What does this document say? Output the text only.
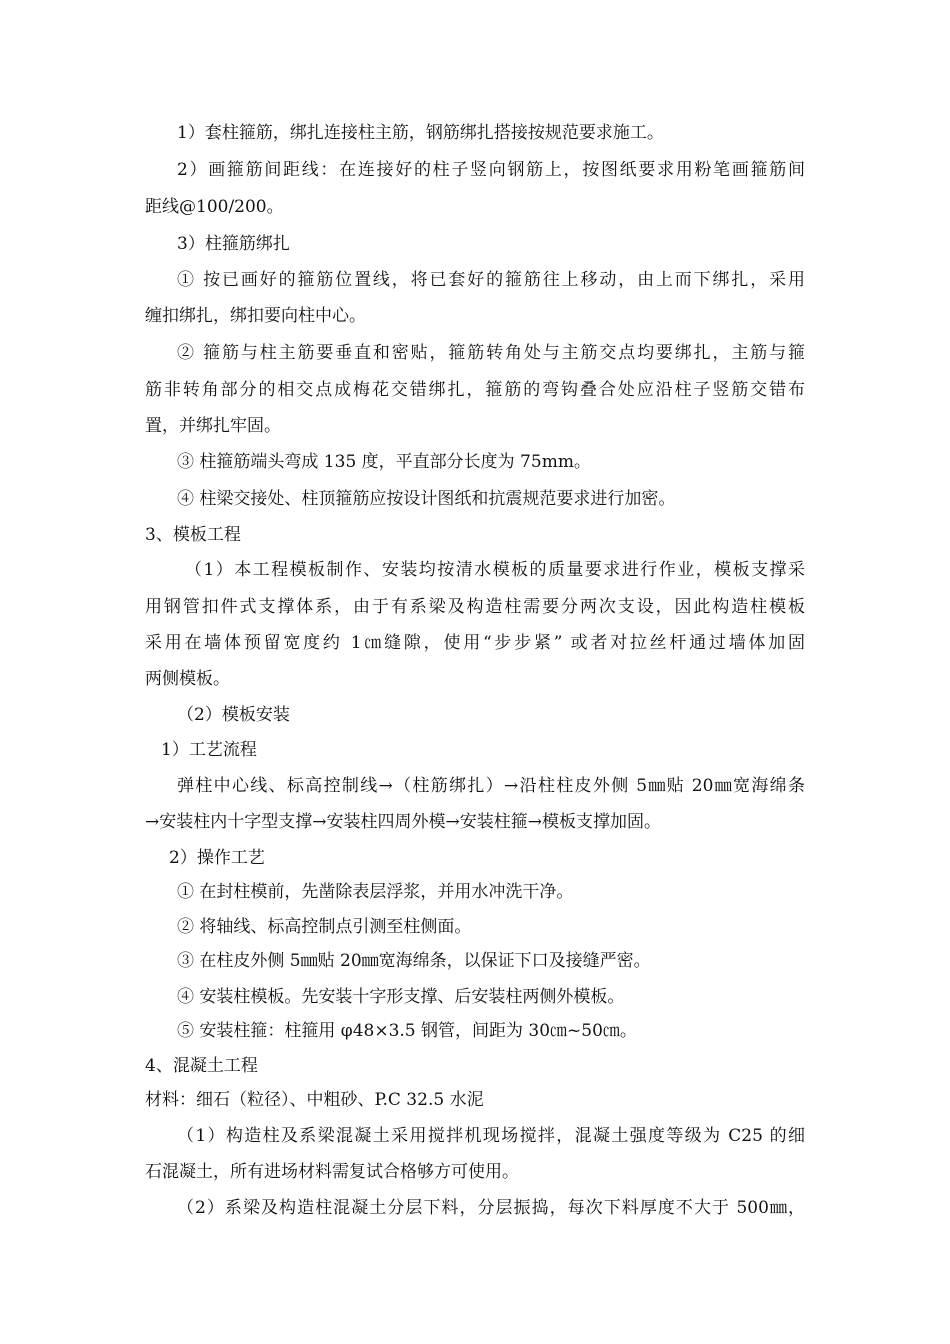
1）套柱箍筋，绑扎连接柱主筋，钢筋绑扎搭接按规范要求施工。
2）画箍筋间距线：在连接好的柱子竖向钢筋上，按图纸要求用粉笔画箍筋间
距线@100/200。
3）柱箍筋绑扎
① 按已画好的箍筋位置线，将已套好的箍筋往上移动，由上而下绑扎，采用
缠扣绑扎，绑扣要向柱中心。
② 箍筋与柱主筋要垂直和密贴，箍筋转角处与主筋交点均要绑扎，主筋与箍
筋非转角部分的相交点成梅花交错绑扎，箍筋的弯钩叠合处应沿柱子竖筋交错布
置，并绑扎牢固。
③ 柱箍筋端头弯成 135 度，平直部分长度为 75mm。
④ 柱梁交接处、柱顶箍筋应按设计图纸和抗震规范要求进行加密。
3、模板工程
（1）本工程模板制作、安装均按清水模板的质量要求进行作业，模板支撑采
用钢管扣件式支撑体系，由于有系梁及构造柱需要分两次支设，因此构造柱模板
采用在墙体预留宽度约 1㎝缝隙，使用“步步紧” 或者对拉丝杆通过墙体加固
两侧模板。
（2）模板安装
1）工艺流程
弹柱中心线、标高控制线→（柱筋绑扎）→沿柱柱皮外侧 5㎜贴 20㎜宽海绵条
→安装柱内十字型支撑→安装柱四周外模→安装柱箍→模板支撑加固。
2）操作工艺
① 在封柱模前，先凿除表层浮浆，并用水冲洗干净。
② 将轴线、标高控制点引测至柱侧面。
③ 在柱皮外侧 5㎜贴 20㎜宽海绵条，以保证下口及接缝严密。
④ 安装柱模板。先安装十字形支撑、后安装柱两侧外模板。
⑤ 安装柱箍：柱箍用 φ48×3.5 钢管，间距为 30㎝~50㎝。
4、混凝土工程
材料：细石（粒径）、中粗砂、P.C 32.5 水泥
（1）构造柱及系梁混凝土采用搅拌机现场搅拌，混凝土强度等级为 C25 的细
石混凝土，所有进场材料需复试合格够方可使用。
（2）系梁及构造柱混凝土分层下料，分层振捣，每次下料厚度不大于 500㎜，
